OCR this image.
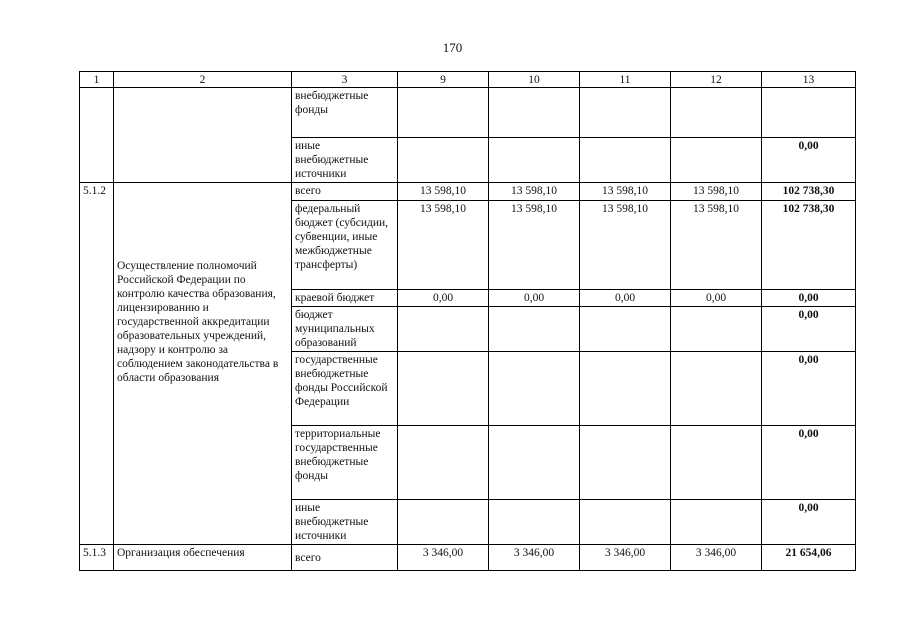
170
1	2	3	9	10	11	12	13
		внебюджетные фонды					
		иные внебюджетные источники					0,00
5.1.2	Осуществление полномочий Российской Федерации по контролю качества образования, лицензированию и государственной аккредитации образовательных учреждений, надзору и контролю за соблюдением законодательства в области образования	всего	13 598,10	13 598,10	13 598,10	13 598,10	102 738,30
		федеральный бюджет (субсидии, субвенции, иные межбюджетные трансферты)	13 598,10	13 598,10	13 598,10	13 598,10	102 738,30
		краевой бюджет	0,00	0,00	0,00	0,00	0,00
		бюджет муниципальных образований					0,00
		государственные внебюджетные фонды Российской Федерации					0,00
		территориальные государственные внебюджетные фонды					0,00
		иные внебюджетные источники					0,00
5.1.3	Организация обеспечения	всего	3 346,00	3 346,00	3 346,00	3 346,00	21 654,06
